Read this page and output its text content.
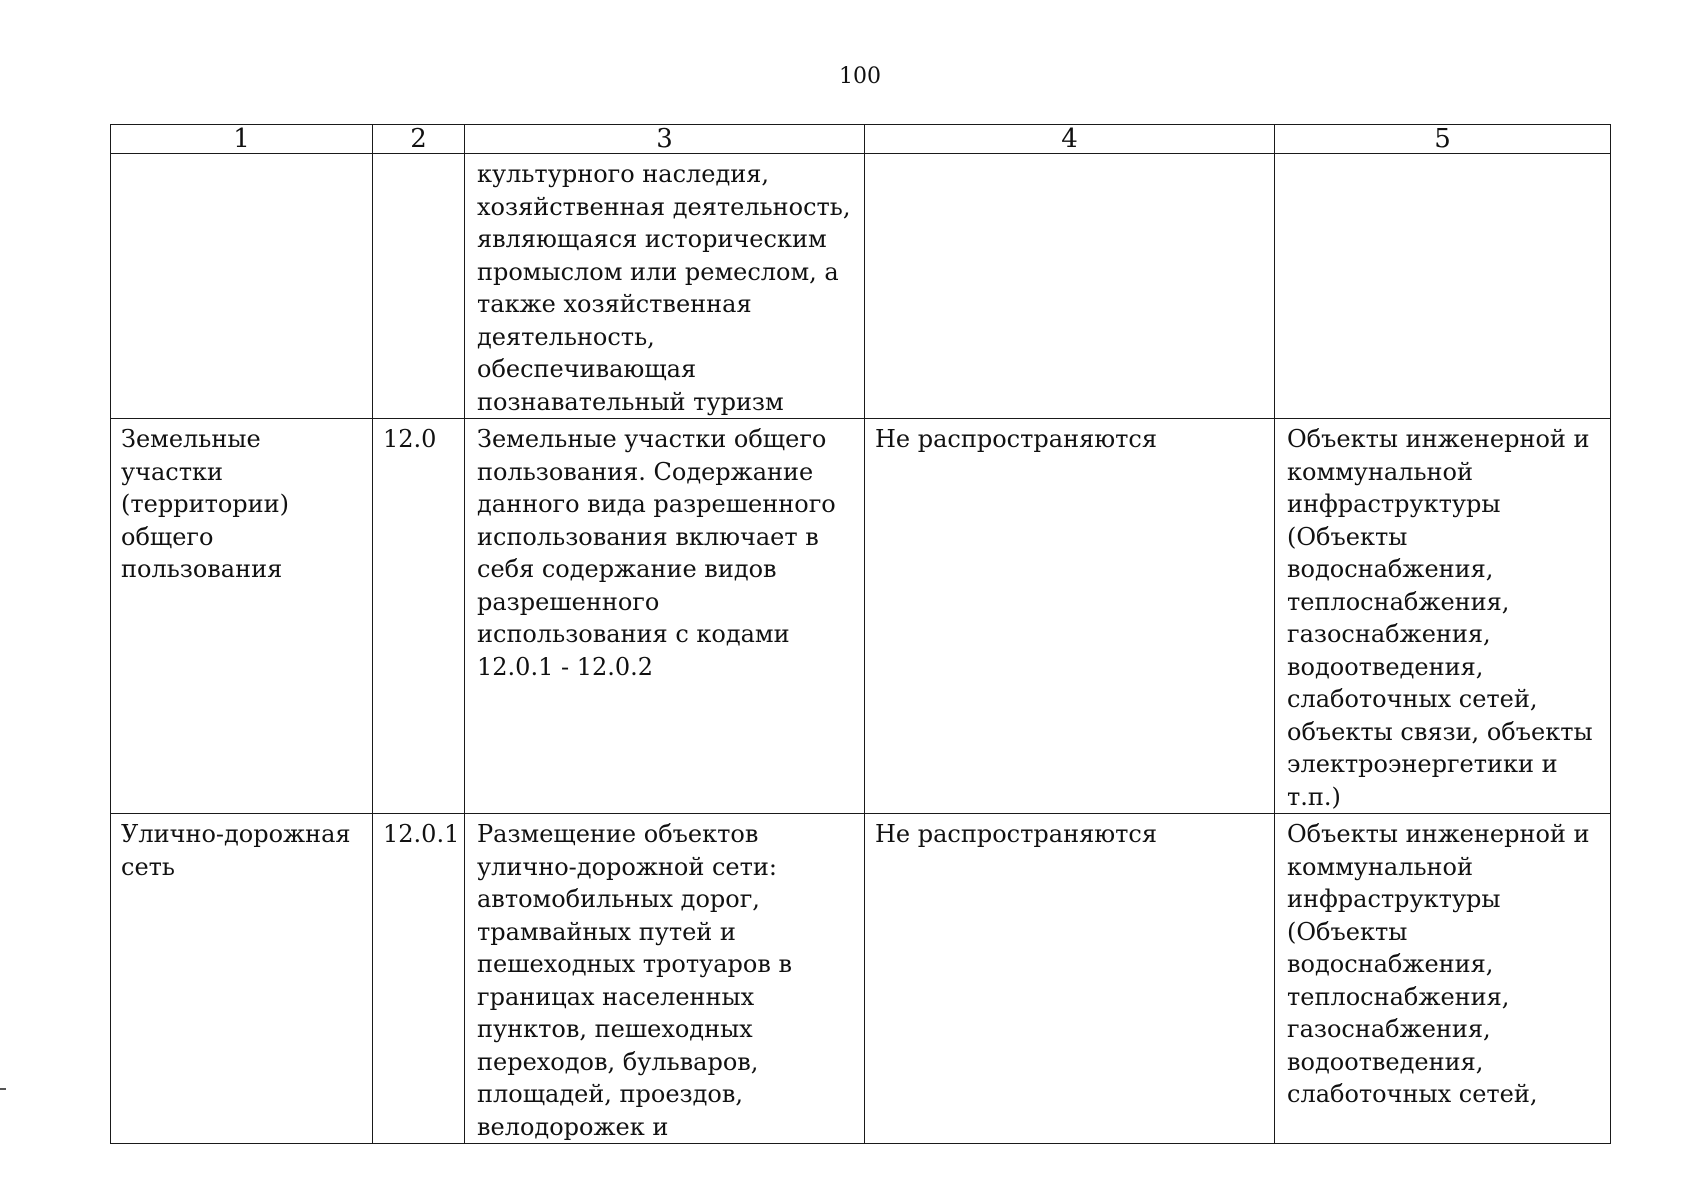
100
1	2	3	4	5

		культурного наследия, хозяйственная деятельность, являющаяся историческим промыслом или ремеслом, а также хозяйственная деятельность, обеспечивающая познавательный туризм		

Земельные участки (территории) общего пользования	12.0	Земельные участки общего пользования. Содержание данного вида разрешенного использования включает в себя содержание видов разрешенного использования с кодами 12.0.1 - 12.0.2	Не распространяются	Объекты инженерной и коммунальной инфраструктуры (Объекты водоснабжения, теплоснабжения, газоснабжения, водоотведения, слаботочных сетей, объекты связи, объекты электроэнергетики и т.п.)

Улично-дорожная сеть	12.0.1	Размещение объектов улично-дорожной сети: автомобильных дорог, трамвайных путей и пешеходных тротуаров в границах населенных пунктов, пешеходных переходов, бульваров, площадей, проездов, велодорожек и	Не распространяются	Объекты инженерной и коммунальной инфраструктуры (Объекты водоснабжения, теплоснабжения, газоснабжения, водоотведения, слаботочных сетей,
